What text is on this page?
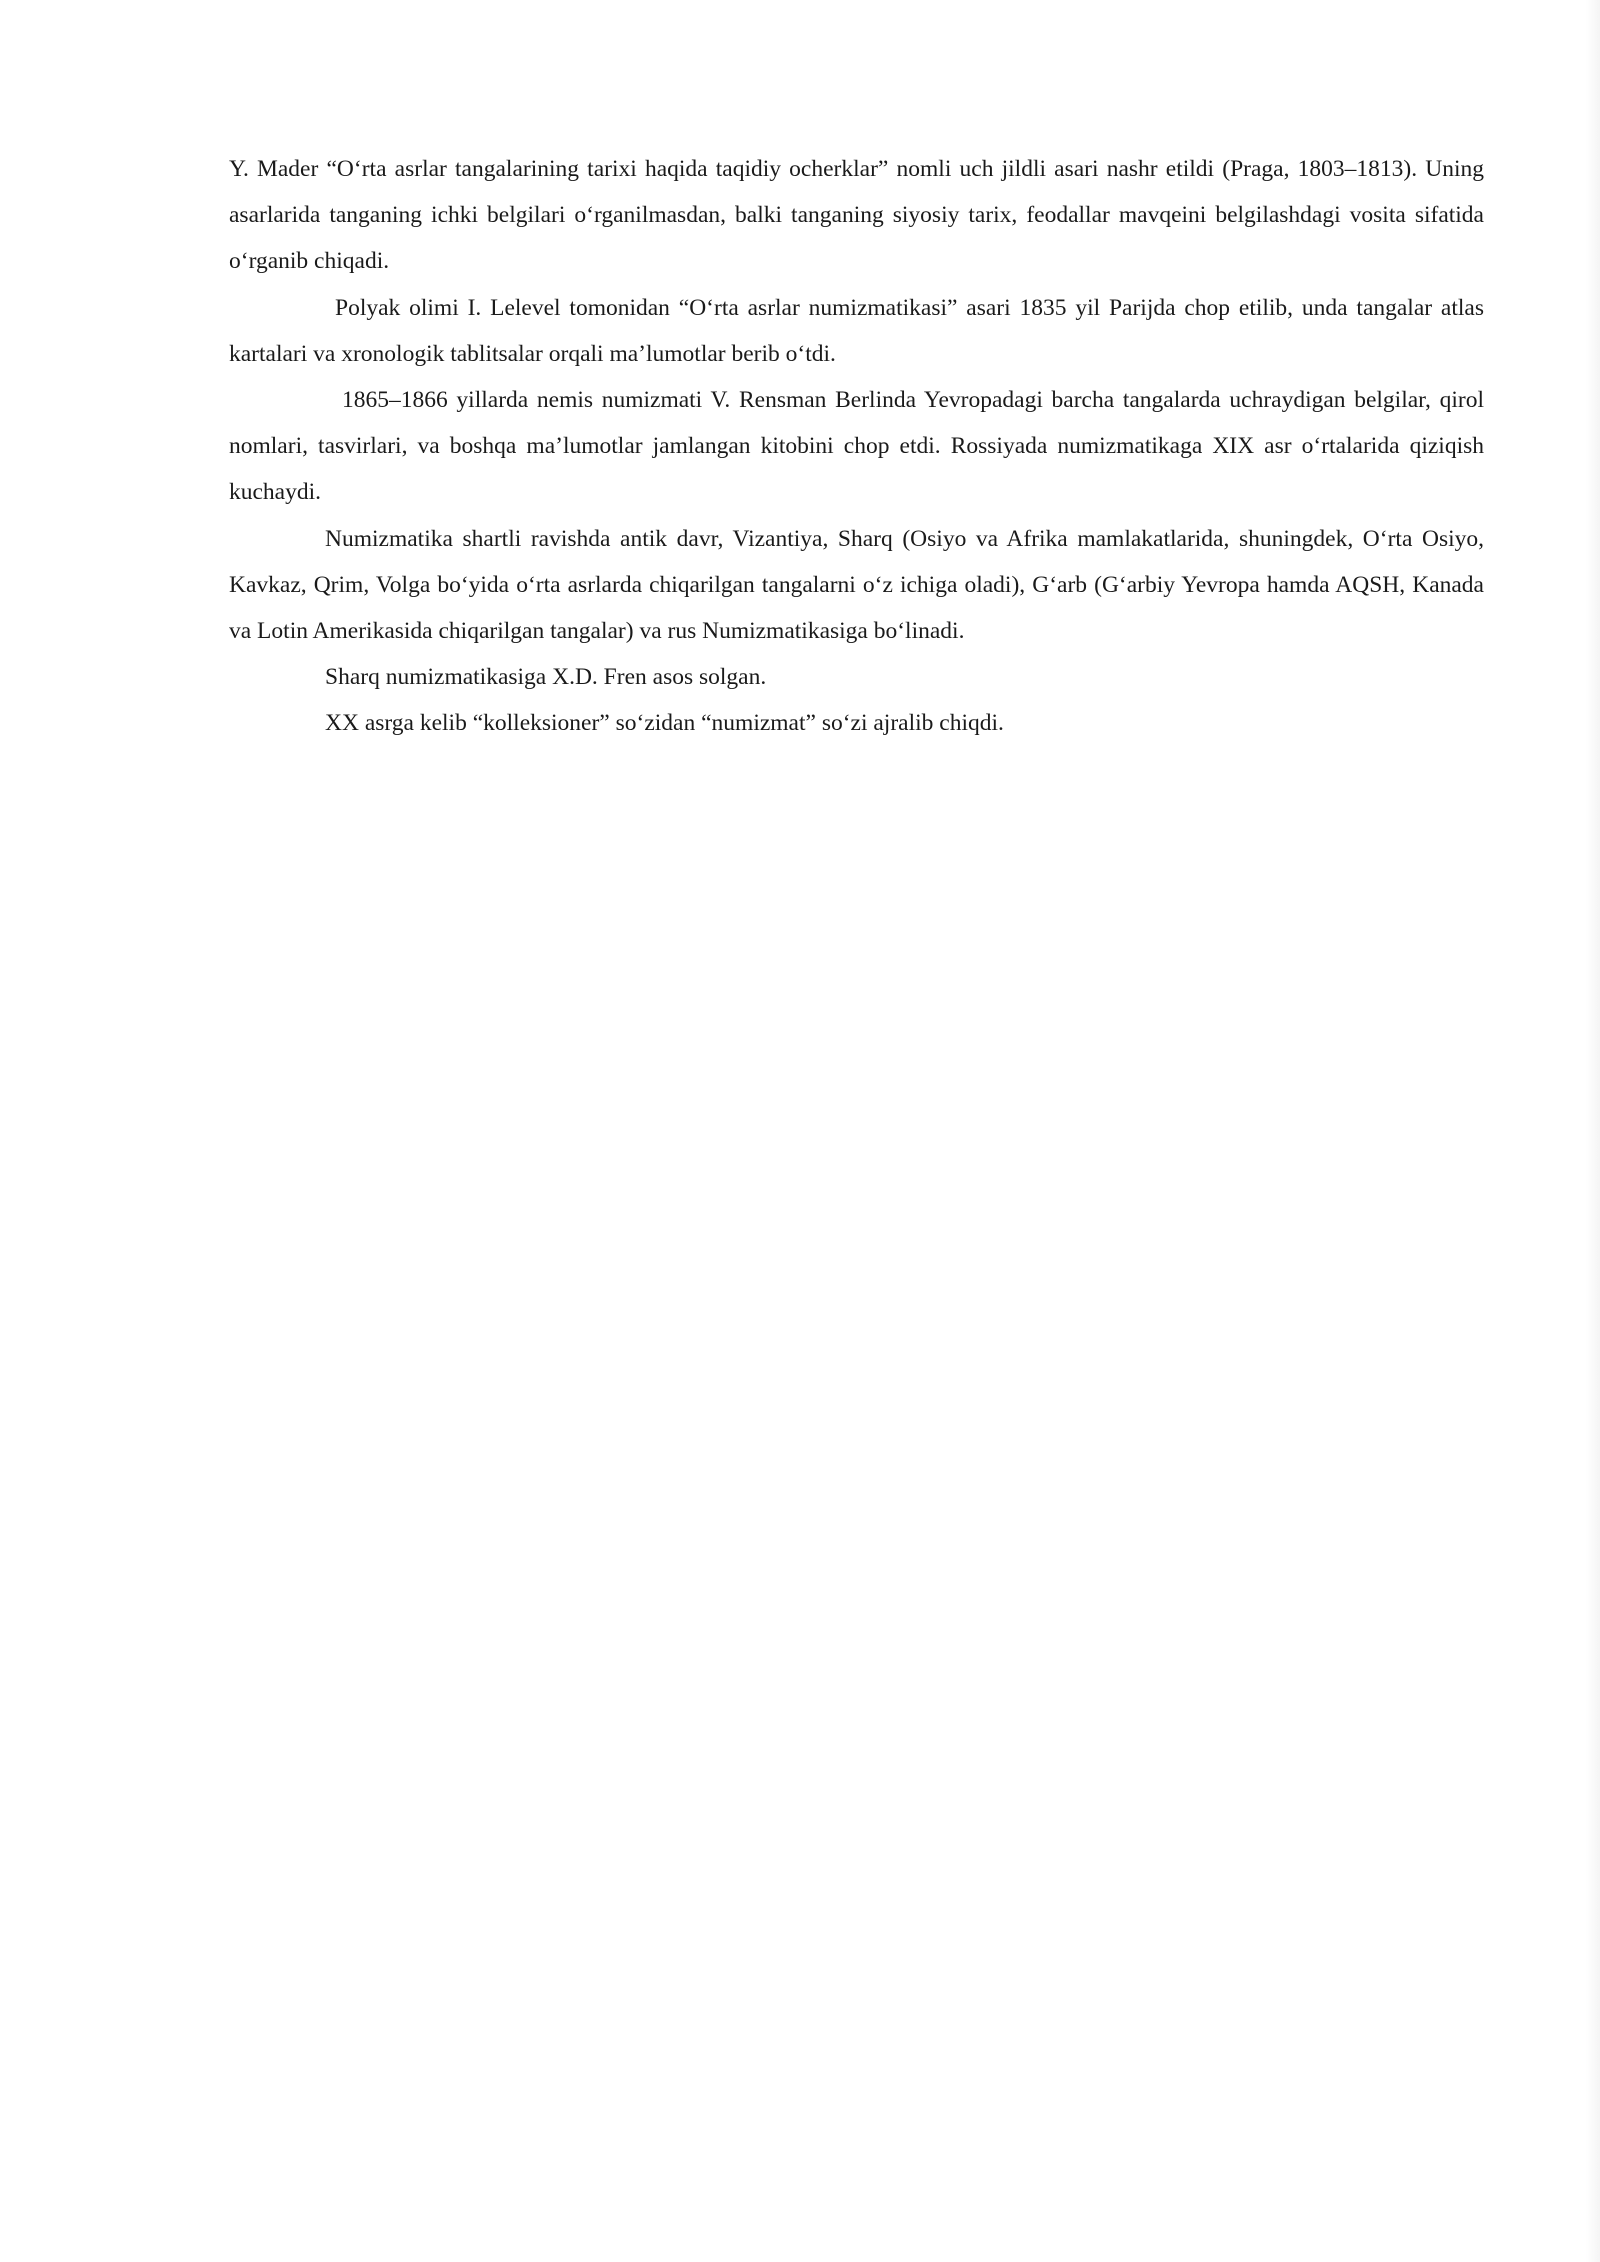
Y. Mader “O‘rta asrlar tangalarining tarixi haqida taqidiy ocherklar” nomli uch jildli asari nashr etildi (Praga, 1803–1813). Uning asarlarida tanganing ichki belgilari o‘rganilmasdan, balki tanganing siyosiy tarix, feodallar mavqeini belgilashdagi vosita sifatida o‘rganib chiqadi.

Polyak olimi I. Lelevel tomonidan “O‘rta asrlar numizmatikasi” asari 1835 yil Parijda chop etilib, unda tangalar atlas kartalari va xronologik tablitsalar orqali ma’lumotlar berib o‘tdi.

1865–1866 yillarda nemis numizmati V. Rensman Berlinda Yevropadagi barcha tangalarda uchraydigan belgilar, qirol nomlari, tasvirlari, va boshqa ma’lumotlar jamlangan kitobini chop etdi. Rossiyada numizmatikaga XIX asr o‘rtalarida qiziqish kuchaydi.

Numizmatika shartli ravishda antik davr, Vizantiya, Sharq (Osiyo va Afrika mamlakatlarida, shuningdek, O‘rta Osiyo, Kavkaz, Qrim, Volga bo‘yida o‘rta asrlarda chiqarilgan tangalarni o‘z ichiga oladi), G‘arb (G‘arbiy Yevropa hamda AQSH, Kanada va Lotin Amerikasida chiqarilgan tangalar) va rus Numizmatikasiga bo‘linadi.

Sharq numizmatikasiga X.D. Fren asos solgan.

XX asrga kelib “kolleksioner” so‘zidan “numizmat” so‘zi ajralib chiqdi.
